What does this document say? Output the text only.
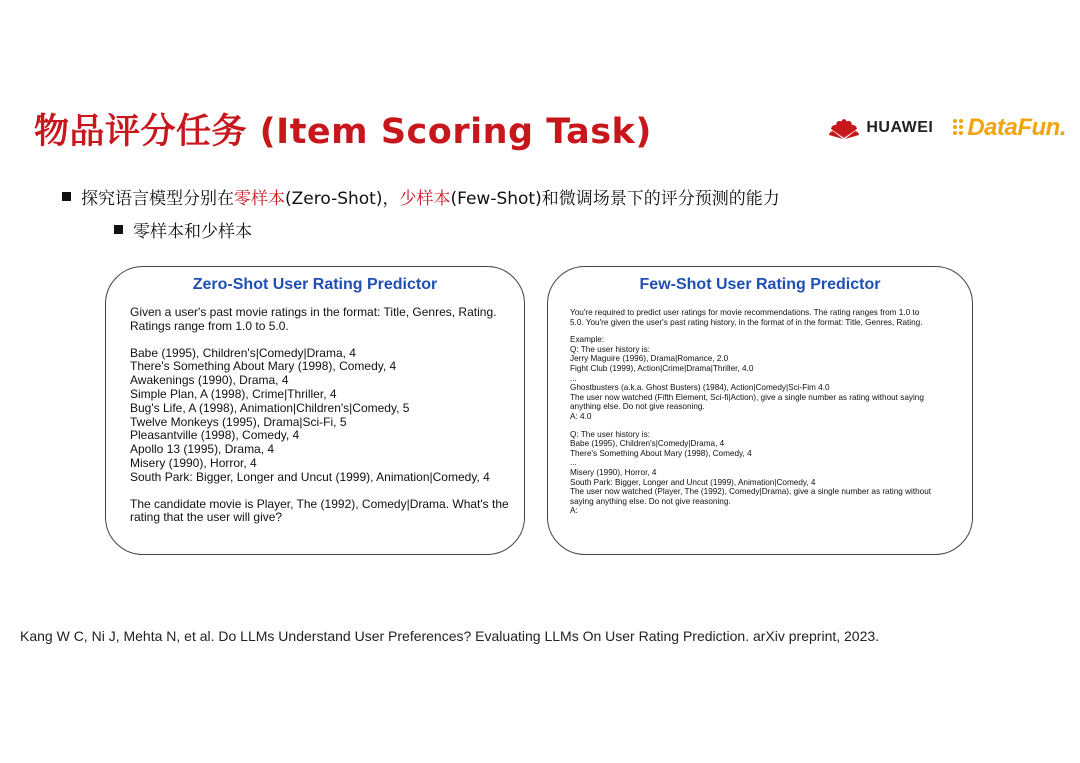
物品评分任务 (Item Scoring Task)	HUAWEI DataFun.
探究语言模型分别在 零样本 (Zero-Shot)， 少样本 (Few-Shot)和微调场景下的评分预测的能力
零样本和少样本
Zero-Shot User Rating Predictor

Given a user's past movie ratings in the format: Title, Genres, Rating.

Ratings range from 1.0 to 5.0.

Babe (1995), Children's|Comedy|Drama, 4

There's Something About Mary (1998), Comedy, 4

Awakenings (1990), Drama, 4

Simple Plan, A (1998), Crime|Thriller, 4

Bug's Life, A (1998), Animation|Children's|Comedy, 5

Twelve Monkeys (1995), Drama|Sci-Fi, 5

Pleasantville (1998), Comedy, 4

Apollo 13 (1995), Drama, 4

Misery (1990), Horror, 4

South Park: Bigger, Longer and Uncut (1999), Animation|Comedy, 4

The candidate movie is Player, The (1992), Comedy|Drama. What's the

rating that the user will give?

Few-Shot User Rating Predictor

You're required to predict user ratings for movie recommendations. The rating ranges from 1.0 to

5.0. You're given the user's past rating history, in the format of in the format: Title, Genres, Rating.

Example:

Q: The user history is:

Jerry Maguire (1996), Drama|Romance, 2.0

Fight Club (1999), Action|Crime|Drama|Thriller, 4.0

...

Ghostbusters (a.k.a. Ghost Busters) (1984), Action|Comedy|Sci-Fim 4.0

The user now watched (Fifth Element, Sci-fi|Action), give a single number as rating without saying

anything else. Do not give reasoning.

A: 4.0

Q: The user history is:

Babe (1995), Children's|Comedy|Drama, 4

There's Something About Mary (1998), Comedy, 4

...

Misery (1990), Horror, 4

South Park: Bigger, Longer and Uncut (1999), Animation|Comedy, 4

The user now watched (Player, The (1992), Comedy|Drama), give a single number as rating without

saying anything else. Do not give reasoning.

A:

Kang W C, Ni J, Mehta N, et al. Do LLMs Understand User Preferences? Evaluating LLMs On User Rating Prediction. arXiv preprint, 2023.
